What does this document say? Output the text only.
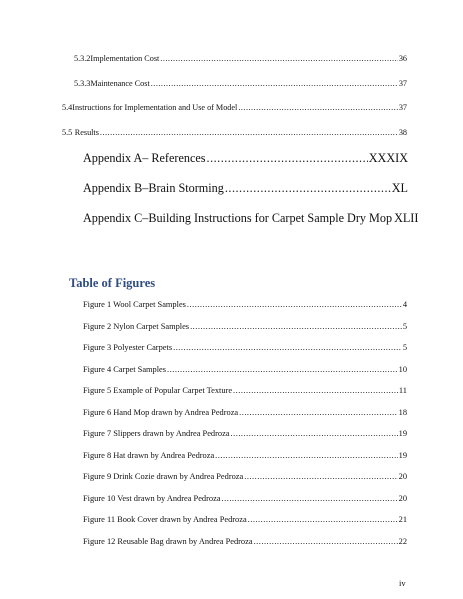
5.3.2 Implementation Cost .....	36
5.3.3 Maintenance Cost .....	37
5.4 Instructions for Implementation and Use of Model .....	37
5.5 Results .....	38
Appendix A– References .....	XXXIX
Appendix B–Brain Storming .....	XL
Appendix C–Building Instructions for Carpet Sample Dry Mop XLII
Table of Figures
Figure 1 Wool Carpet Samples .....	4
Figure 2 Nylon Carpet Samples .....	5
Figure 3 Polyester Carpets .....	5
Figure 4 Carpet Samples .....	10
Figure 5 Example of Popular Carpet Texture .....	11
Figure 6 Hand Mop drawn by Andrea Pedroza .....	18
Figure 7 Slippers drawn by Andrea Pedroza .....	19
Figure 8 Hat drawn by Andrea Pedroza .....	19
Figure 9 Drink Cozie drawn by Andrea Pedroza .....	20
Figure 10 Vest drawn by Andrea Pedroza .....	20
Figure 11 Book Cover drawn by Andrea Pedroza .....	21
Figure 12 Reusable Bag drawn by Andrea Pedroza .....	22
iv
